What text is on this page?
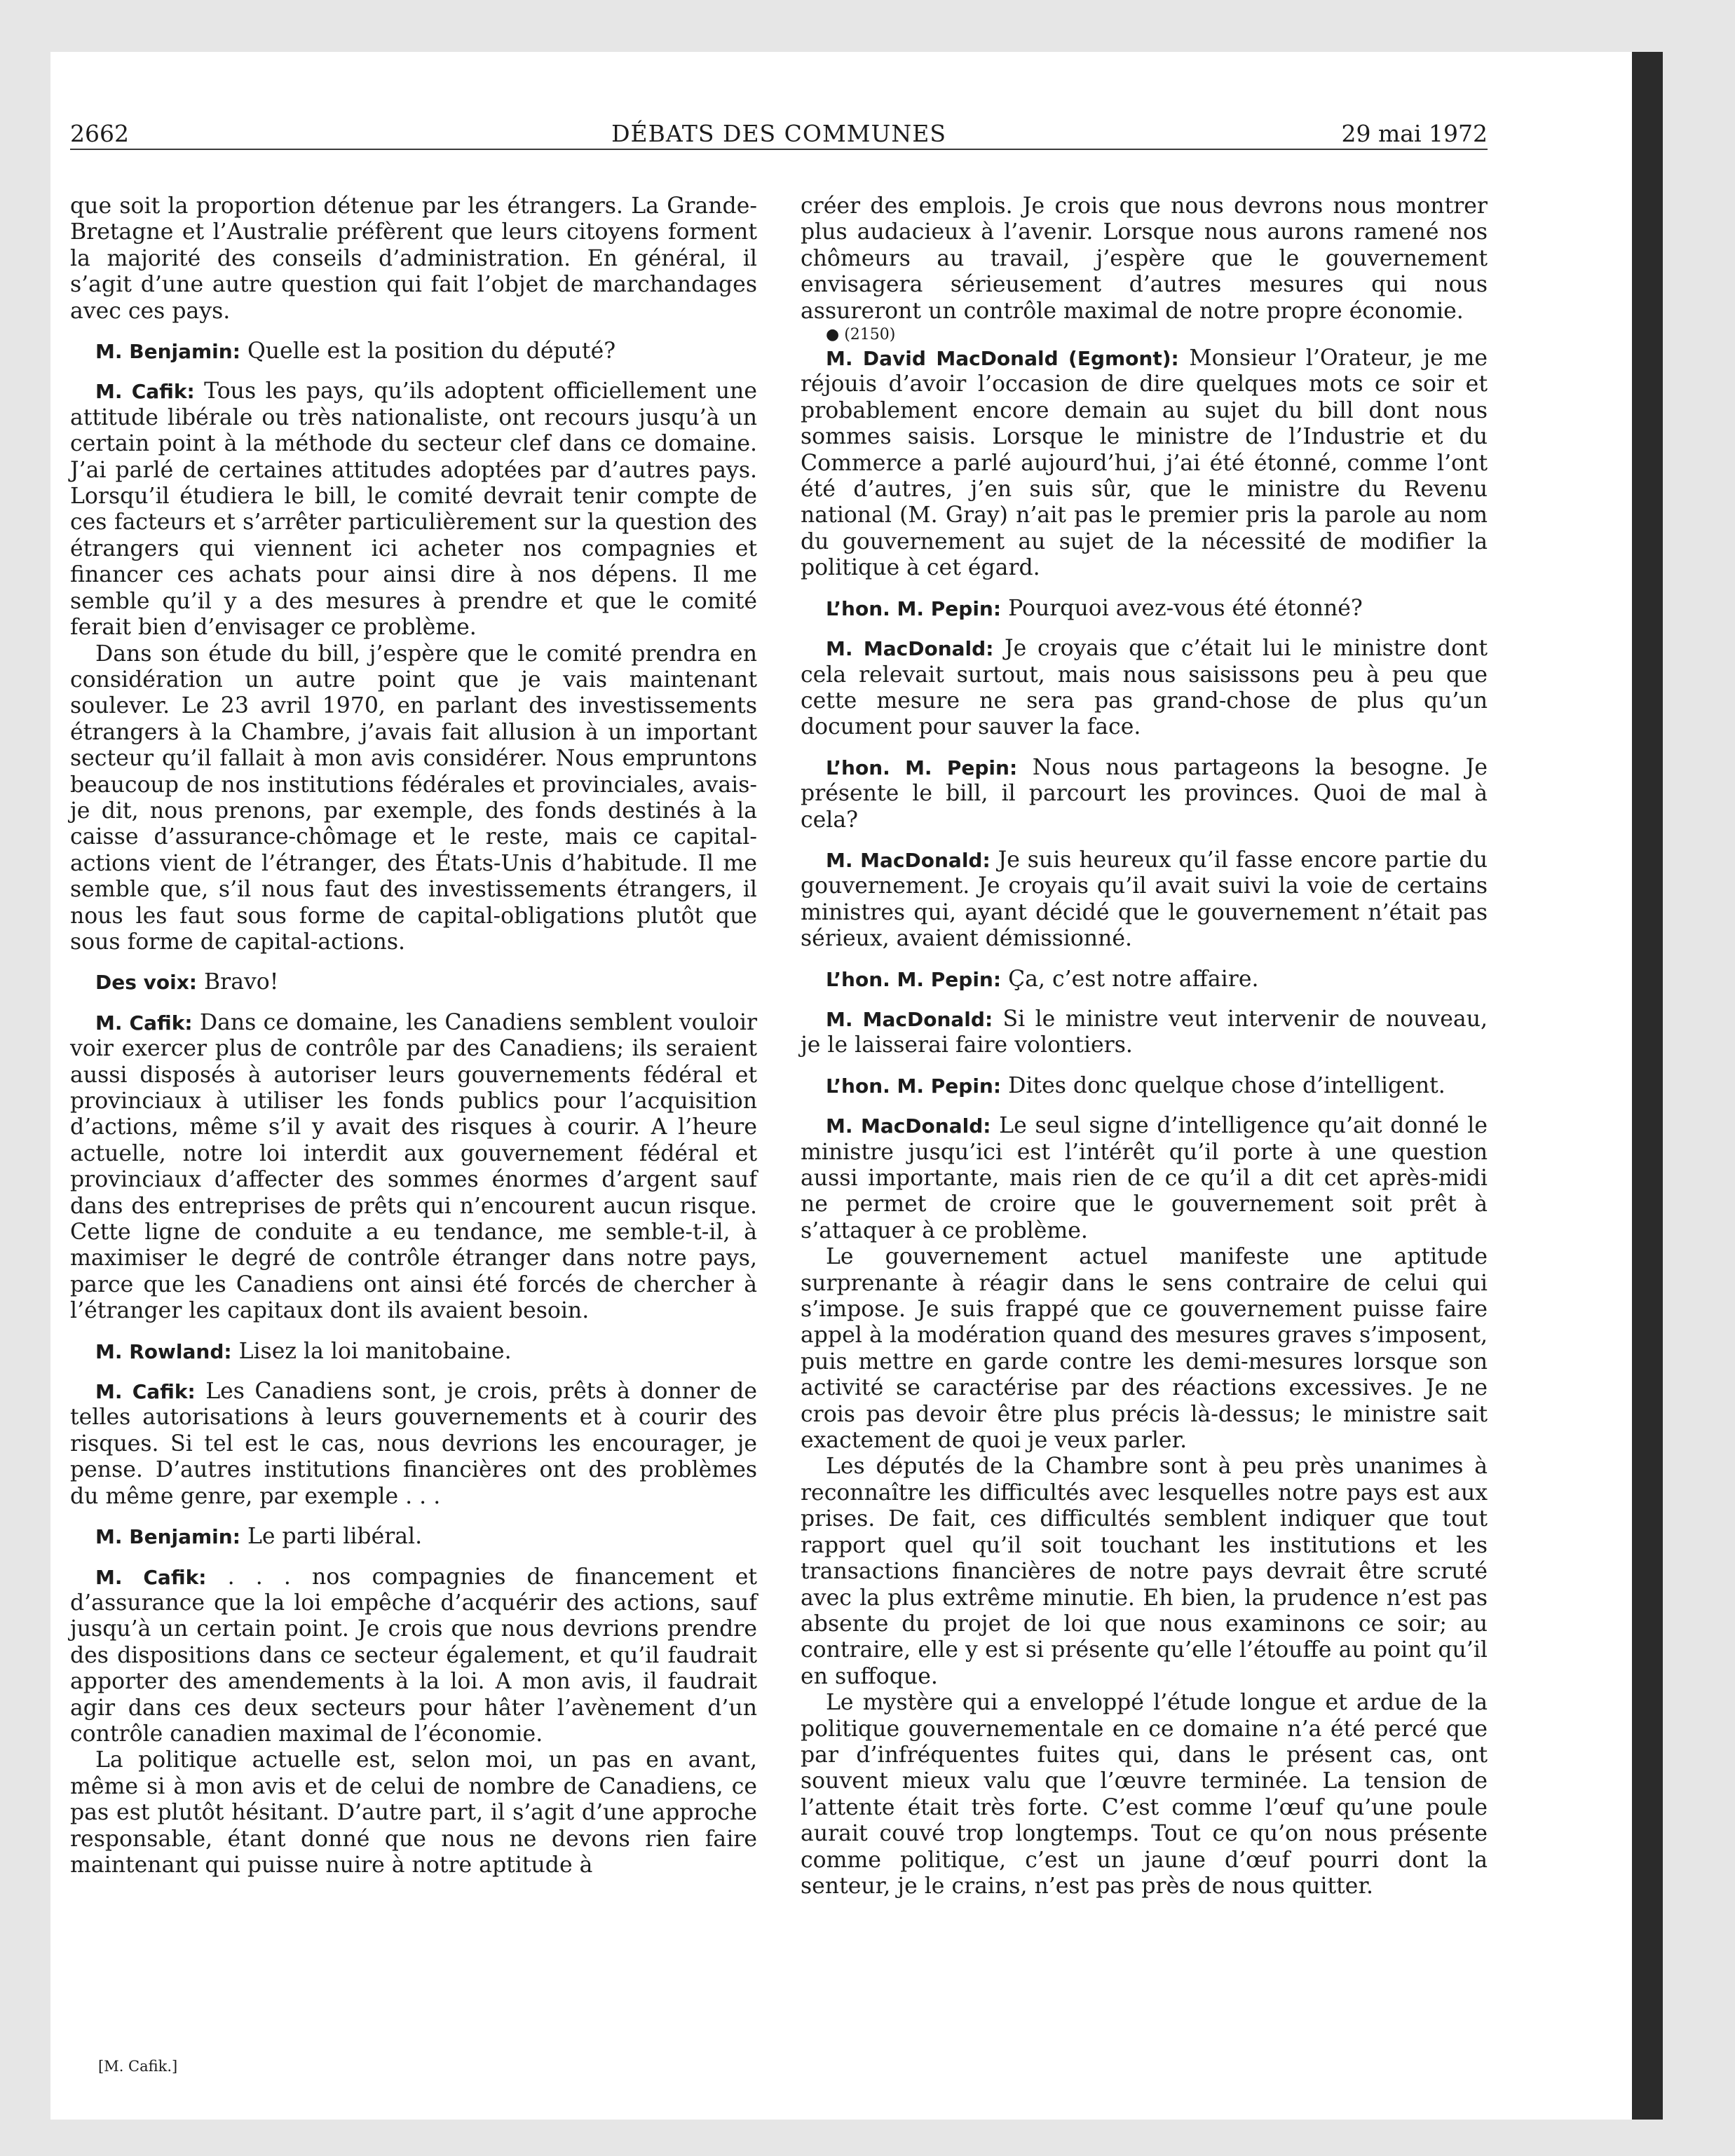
2662	DÉBATS DES COMMUNES	29 mai 1972

que soit la proportion détenue par les étrangers. La Grande-Bretagne et l’Australie préfèrent que leurs citoyens forment la majorité des conseils d’administration. En général, il s’agit d’une autre question qui fait l’objet de marchandages avec ces pays.

M. Benjamin: Quelle est la position du député?

M. Cafik: Tous les pays, qu’ils adoptent officiellement une attitude libérale ou très nationaliste, ont recours jusqu’à un certain point à la méthode du secteur clef dans ce domaine. J’ai parlé de certaines attitudes adoptées par d’autres pays. Lorsqu’il étudiera le bill, le comité devrait tenir compte de ces facteurs et s’arrêter particulièrement sur la question des étrangers qui viennent ici acheter nos compagnies et financer ces achats pour ainsi dire à nos dépens. Il me semble qu’il y a des mesures à prendre et que le comité ferait bien d’envisager ce problème.

Dans son étude du bill, j’espère que le comité prendra en considération un autre point que je vais maintenant soulever. Le 23 avril 1970, en parlant des investissements étrangers à la Chambre, j’avais fait allusion à un important secteur qu’il fallait à mon avis considérer. Nous empruntons beaucoup de nos institutions fédérales et provinciales, avais-je dit, nous prenons, par exemple, des fonds destinés à la caisse d’assurance-chômage et le reste, mais ce capital-actions vient de l’étranger, des États-Unis d’habitude. Il me semble que, s’il nous faut des investissements étrangers, il nous les faut sous forme de capital-obligations plutôt que sous forme de capital-actions.

Des voix: Bravo!

M. Cafik: Dans ce domaine, les Canadiens semblent vouloir voir exercer plus de contrôle par des Canadiens; ils seraient aussi disposés à autoriser leurs gouvernements fédéral et provinciaux à utiliser les fonds publics pour l’acquisition d’actions, même s’il y avait des risques à courir. A l’heure actuelle, notre loi interdit aux gouvernement fédéral et provinciaux d’affecter des sommes énormes d’argent sauf dans des entreprises de prêts qui n’encourent aucun risque. Cette ligne de conduite a eu tendance, me semble-t-il, à maximiser le degré de contrôle étranger dans notre pays, parce que les Canadiens ont ainsi été forcés de chercher à l’étranger les capitaux dont ils avaient besoin.

M. Rowland: Lisez la loi manitobaine.

M. Cafik: Les Canadiens sont, je crois, prêts à donner de telles autorisations à leurs gouvernements et à courir des risques. Si tel est le cas, nous devrions les encourager, je pense. D’autres institutions financières ont des problèmes du même genre, par exemple . . .

M. Benjamin: Le parti libéral.

M. Cafik: . . . nos compagnies de financement et d’assurance que la loi empêche d’acquérir des actions, sauf jusqu’à un certain point. Je crois que nous devrions prendre des dispositions dans ce secteur également, et qu’il faudrait apporter des amendements à la loi. A mon avis, il faudrait agir dans ces deux secteurs pour hâter l’avènement d’un contrôle canadien maximal de l’économie.

La politique actuelle est, selon moi, un pas en avant, même si à mon avis et de celui de nombre de Canadiens, ce pas est plutôt hésitant. D’autre part, il s’agit d’une approche responsable, étant donné que nous ne devons rien faire maintenant qui puisse nuire à notre aptitude à

créer des emplois. Je crois que nous devrons nous montrer plus audacieux à l’avenir. Lorsque nous aurons ramené nos chômeurs au travail, j’espère que le gouvernement envisagera sérieusement d’autres mesures qui nous assureront un contrôle maximal de notre propre économie.

● (2150)

M. David MacDonald (Egmont): Monsieur l’Orateur, je me réjouis d’avoir l’occasion de dire quelques mots ce soir et probablement encore demain au sujet du bill dont nous sommes saisis. Lorsque le ministre de l’Industrie et du Commerce a parlé aujourd’hui, j’ai été étonné, comme l’ont été d’autres, j’en suis sûr, que le ministre du Revenu national (M. Gray) n’ait pas le premier pris la parole au nom du gouvernement au sujet de la nécessité de modifier la politique à cet égard.

L’hon. M. Pepin: Pourquoi avez-vous été étonné?

M. MacDonald: Je croyais que c’était lui le ministre dont cela relevait surtout, mais nous saisissons peu à peu que cette mesure ne sera pas grand-chose de plus qu’un document pour sauver la face.

L’hon. M. Pepin: Nous nous partageons la besogne. Je présente le bill, il parcourt les provinces. Quoi de mal à cela?

M. MacDonald: Je suis heureux qu’il fasse encore partie du gouvernement. Je croyais qu’il avait suivi la voie de certains ministres qui, ayant décidé que le gouvernement n’était pas sérieux, avaient démissionné.

L’hon. M. Pepin: Ça, c’est notre affaire.

M. MacDonald: Si le ministre veut intervenir de nouveau, je le laisserai faire volontiers.

L’hon. M. Pepin: Dites donc quelque chose d’intelligent.

M. MacDonald: Le seul signe d’intelligence qu’ait donné le ministre jusqu’ici est l’intérêt qu’il porte à une question aussi importante, mais rien de ce qu’il a dit cet après-midi ne permet de croire que le gouvernement soit prêt à s’attaquer à ce problème.

Le gouvernement actuel manifeste une aptitude surprenante à réagir dans le sens contraire de celui qui s’impose. Je suis frappé que ce gouvernement puisse faire appel à la modération quand des mesures graves s’imposent, puis mettre en garde contre les demi-mesures lorsque son activité se caractérise par des réactions excessives. Je ne crois pas devoir être plus précis là-dessus; le ministre sait exactement de quoi je veux parler.

Les députés de la Chambre sont à peu près unanimes à reconnaître les difficultés avec lesquelles notre pays est aux prises. De fait, ces difficultés semblent indiquer que tout rapport quel qu’il soit touchant les institutions et les transactions financières de notre pays devrait être scruté avec la plus extrême minutie. Eh bien, la prudence n’est pas absente du projet de loi que nous examinons ce soir; au contraire, elle y est si présente qu’elle l’étouffe au point qu’il en suffoque.

Le mystère qui a enveloppé l’étude longue et ardue de la politique gouvernementale en ce domaine n’a été percé que par d’infréquentes fuites qui, dans le présent cas, ont souvent mieux valu que l’œuvre terminée. La tension de l’attente était très forte. C’est comme l’œuf qu’une poule aurait couvé trop longtemps. Tout ce qu’on nous présente comme politique, c’est un jaune d’œuf pourri dont la senteur, je le crains, n’est pas près de nous quitter.

[M. Cafik.]
